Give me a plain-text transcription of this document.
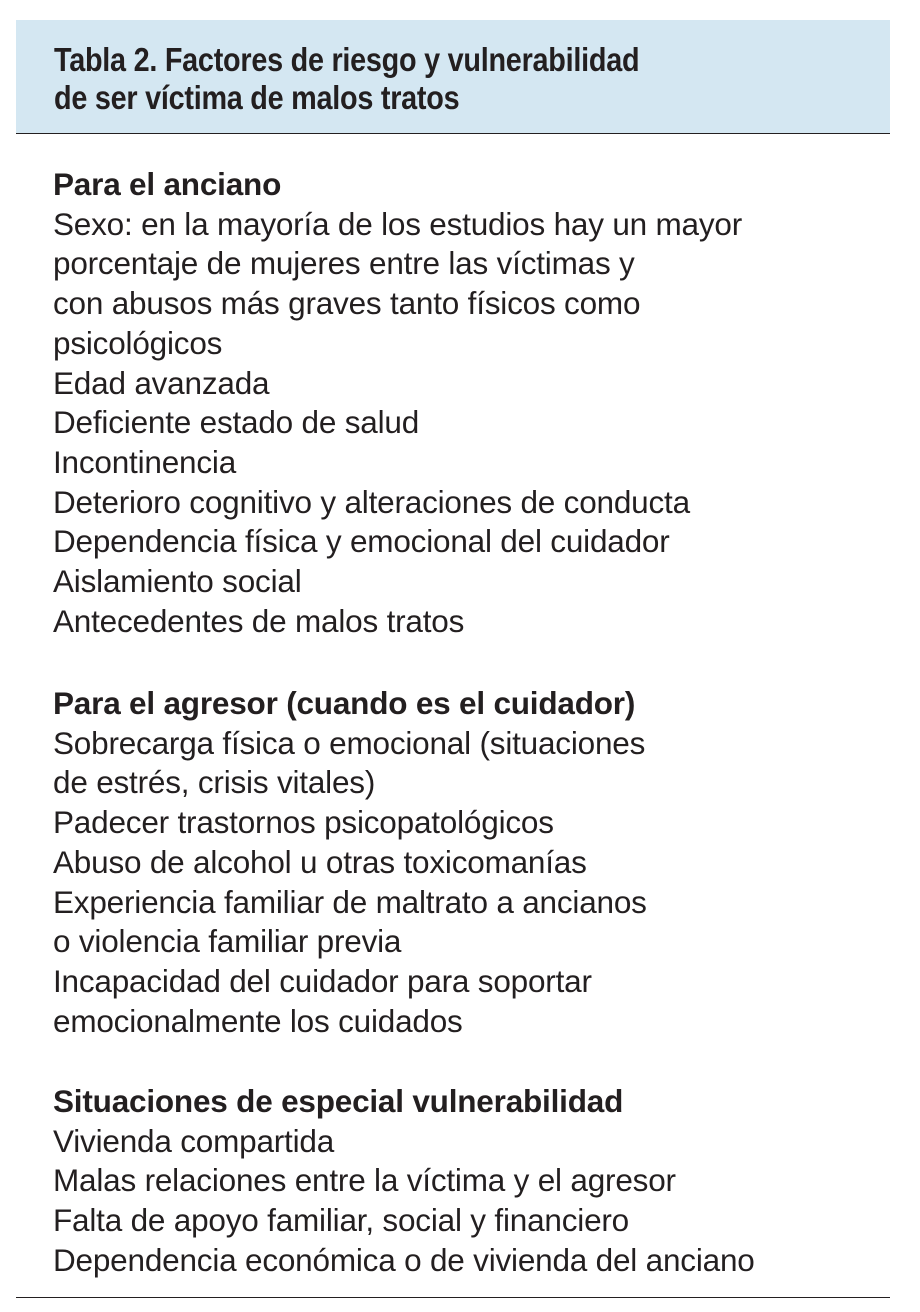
Tabla 2. Factores de riesgo y vulnerabilidad
de ser víctima de malos tratos
Para el anciano
Sexo: en la mayoría de los estudios hay un mayor
porcentaje de mujeres entre las víctimas y
con abusos más graves tanto físicos como
psicológicos
Edad avanzada
Deficiente estado de salud
Incontinencia
Deterioro cognitivo y alteraciones de conducta
Dependencia física y emocional del cuidador
Aislamiento social
Antecedentes de malos tratos
Para el agresor (cuando es el cuidador)
Sobrecarga física o emocional (situaciones
de estrés, crisis vitales)
Padecer trastornos psicopatológicos
Abuso de alcohol u otras toxicomanías
Experiencia familiar de maltrato a ancianos
o violencia familiar previa
Incapacidad del cuidador para soportar
emocionalmente los cuidados
Situaciones de especial vulnerabilidad
Vivienda compartida
Malas relaciones entre la víctima y el agresor
Falta de apoyo familiar, social y financiero
Dependencia económica o de vivienda del anciano
